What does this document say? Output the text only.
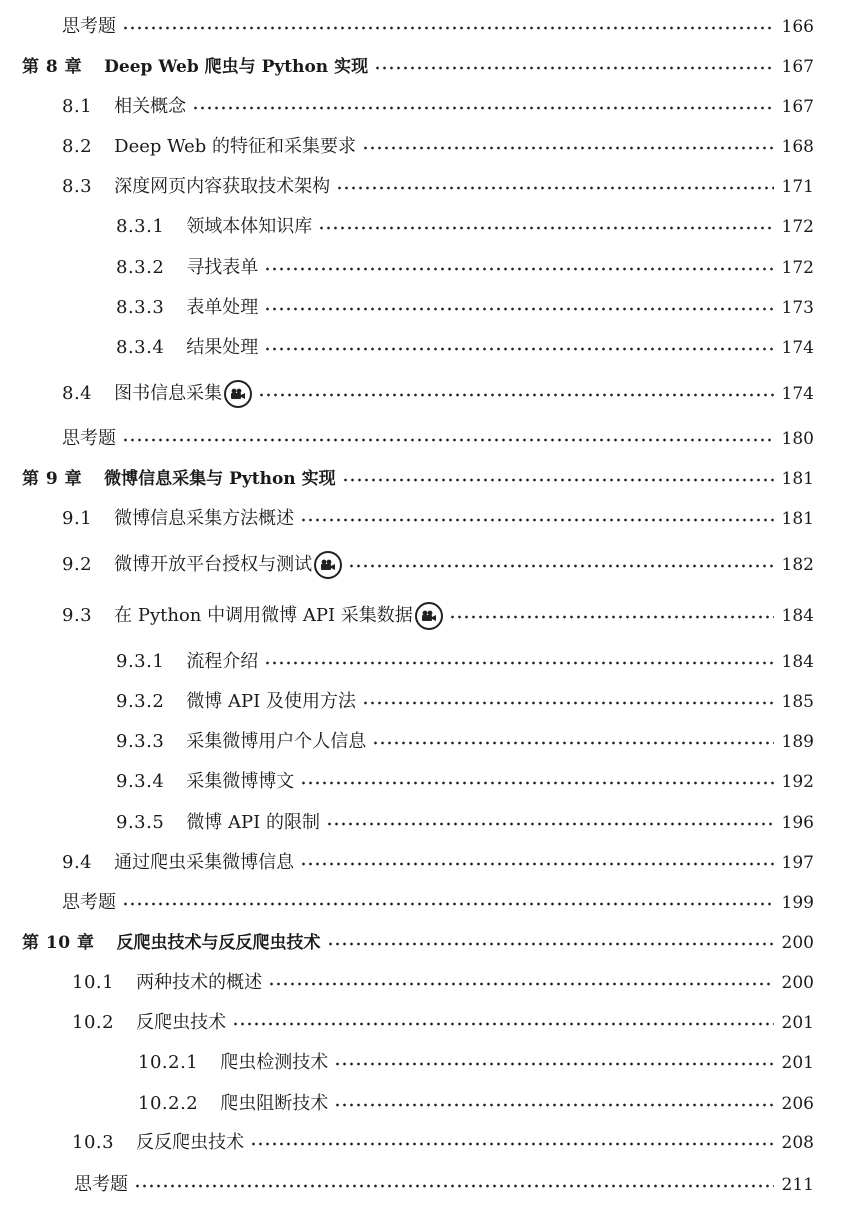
思考题	166
第 8 章 Deep Web 爬虫与 Python 实现	167
8.1 相关概念	167
8.2 Deep Web 的特征和采集要求	168
8.3 深度网页内容获取技术架构	171
8.3.1 领域本体知识库	172
8.3.2 寻找表单	172
8.3.3 表单处理	173
8.3.4 结果处理	174
8.4 图书信息采集	174
思考题	180
第 9 章 微博信息采集与 Python 实现	181
9.1 微博信息采集方法概述	181
9.2 微博开放平台授权与测试	182
9.3 在 Python 中调用微博 API 采集数据	184
9.3.1 流程介绍	184
9.3.2 微博 API 及使用方法	185
9.3.3 采集微博用户个人信息	189
9.3.4 采集微博博文	192
9.3.5 微博 API 的限制	196
9.4 通过爬虫采集微博信息	197
思考题	199
第 10 章 反爬虫技术与反反爬虫技术	200
10.1 两种技术的概述	200
10.2 反爬虫技术	201
10.2.1 爬虫检测技术	201
10.2.2 爬虫阻断技术	206
10.3 反反爬虫技术	208
思考题	211
